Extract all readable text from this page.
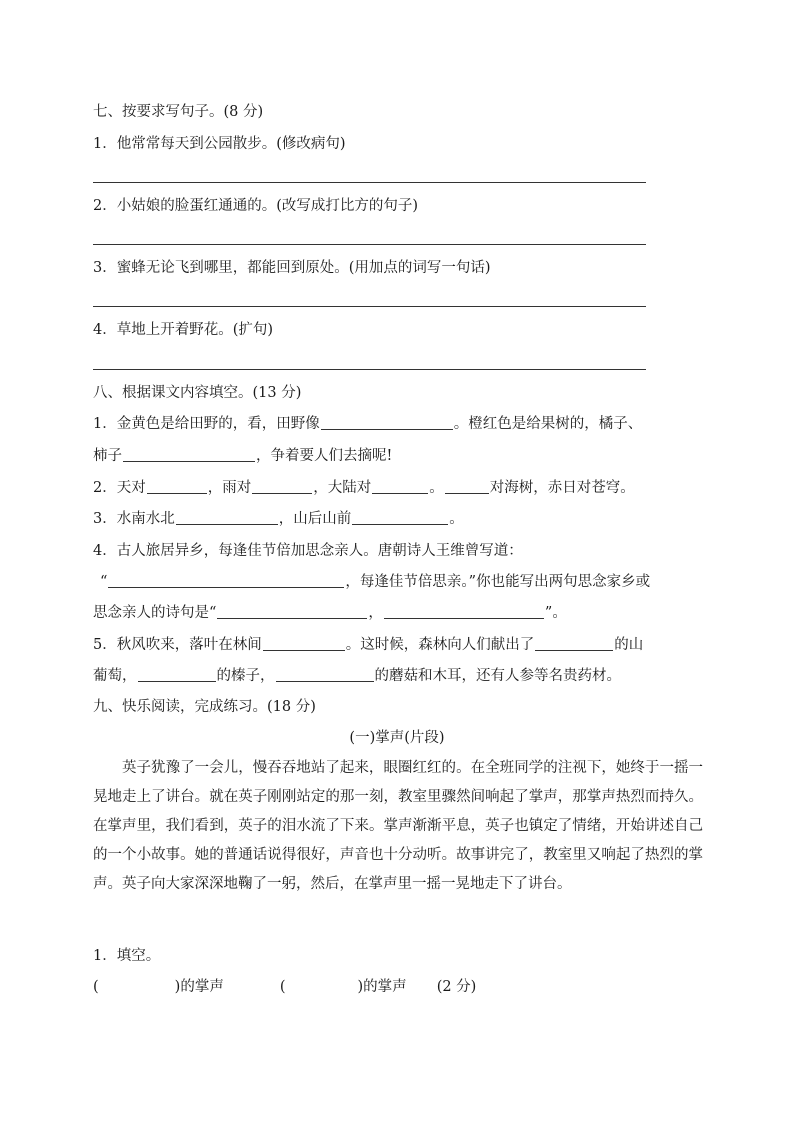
七、按要求写句子。(8 分)
1．他常常每天到公园散步。(修改病句)
2．小姑娘的脸蛋红通通的。(改写成打比方的句子)
3．蜜蜂无论飞到哪里，都能回到原处。(用加点的词写一句话)
4．草地上开着野花。(扩句)
八、根据课文内容填空。(13 分)
1．金黄色是给田野的，看，田野像	。橙红色是给果树的，橘子、
柿子	，争着要人们去摘呢!
2．天对	，雨对	，大陆对	。	对海树，赤日对苍穹。
3．水南水北	，山后山前	。
4．古人旅居异乡，每逢佳节倍加思念亲人。唐朝诗人王维曾写道：
“	，每逢佳节倍思亲。”你也能写出两句思念家乡或
思念亲人的诗句是“	，	”。
5．秋风吹来，落叶在林间	。这时候，森林向人们献出了	的山
葡萄，	的榛子，	的蘑菇和木耳，还有人参等名贵药材。
九、快乐阅读，完成练习。(18 分)
(一)掌声(片段)
英子犹豫了一会儿，慢吞吞地站了起来，眼圈红红的。在全班同学的注视下，她终于一摇一晃地走上了讲台。就在英子刚刚站定的那一刻，教室里骤然间响起了掌声，那掌声热烈而持久。在掌声里，我们看到，英子的泪水流了下来。掌声渐渐平息，英子也镇定了情绪，开始讲述自己的一个小故事。她的普通话说得很好，声音也十分动听。故事讲完了，教室里又响起了热烈的掌声。英子向大家深深地鞠了一躬，然后，在掌声里一摇一晃地走下了讲台。
1．填空。
(	)的掌声	(	)的掌声 (2 分)
